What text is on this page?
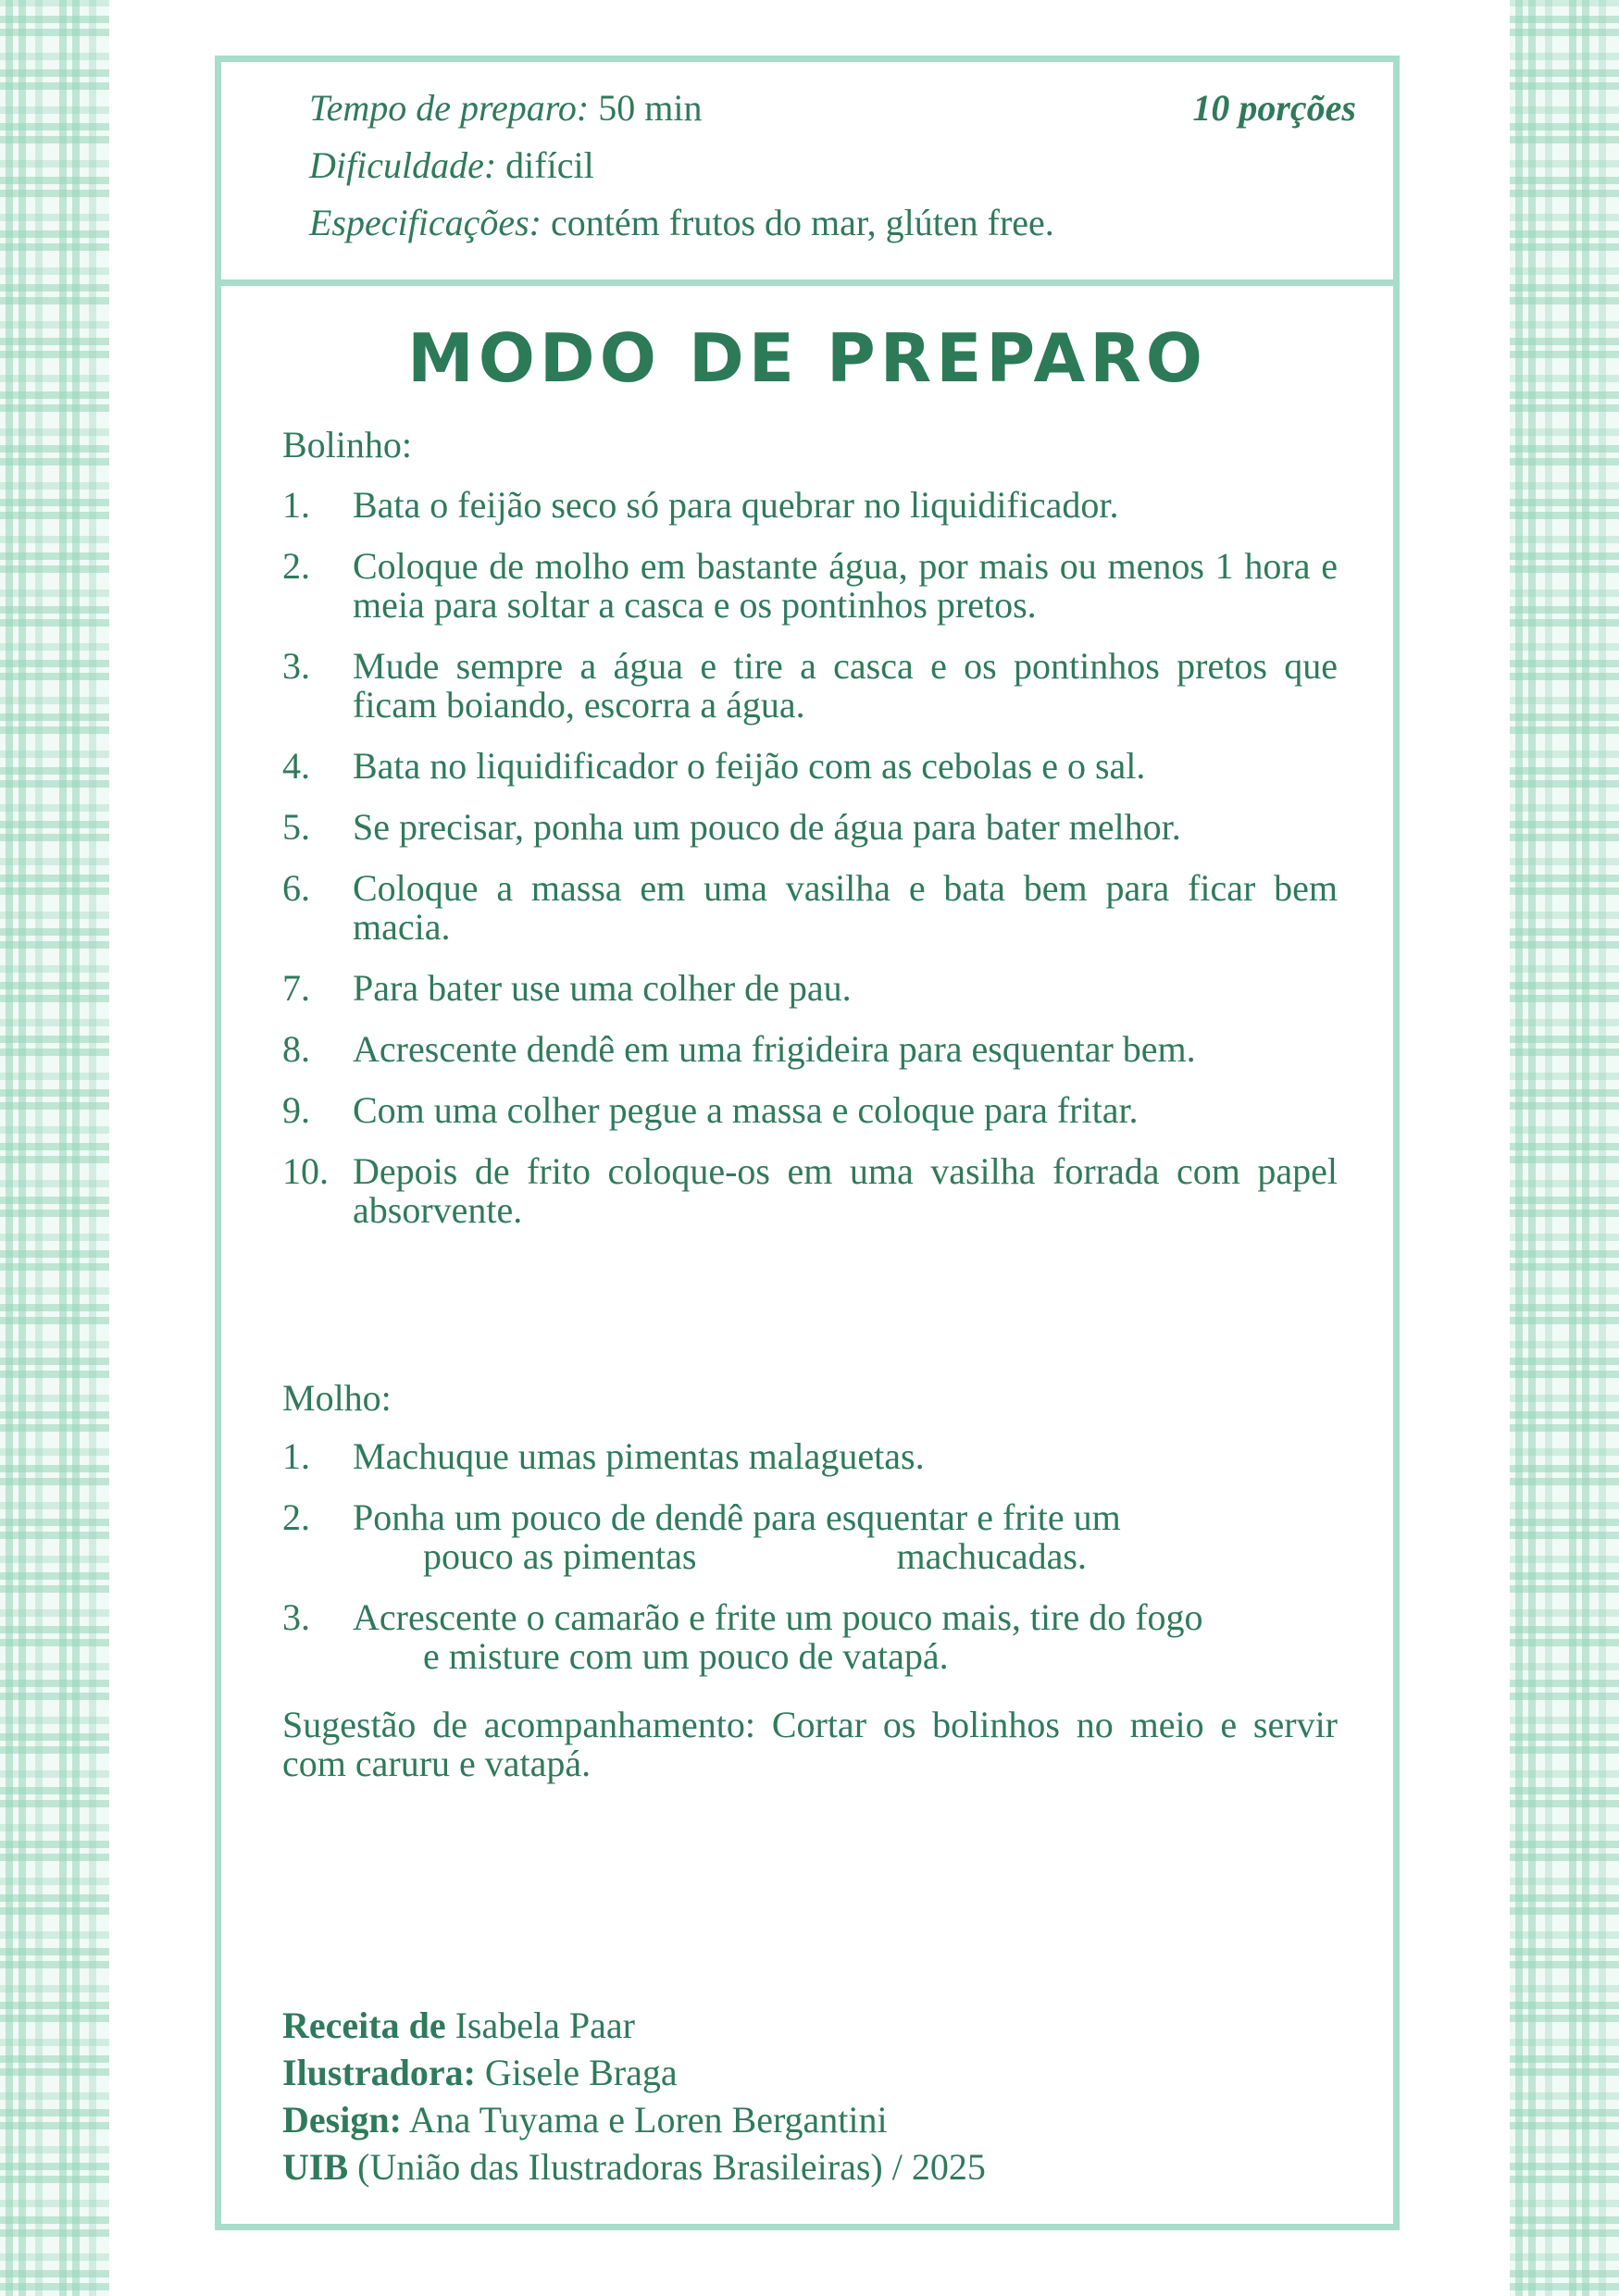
Tempo de preparo: 50 min
Dificuldade: difícil
Especificações: contém frutos do mar, glúten free.
10 porções
MODO DE PREPARO
Bolinho:
1. Bata o feijão seco só para quebrar no liquidificador.
2. Coloque de molho em bastante água, por mais ou menos 1 hora e meia para soltar a casca e os pontinhos pretos.
3. Mude sempre a água e tire a casca e os pontinhos pretos que ficam boiando, escorra a água.
4. Bata no liquidificador o feijão com as cebolas e o sal.
5. Se precisar, ponha um pouco de água para bater melhor.
6. Coloque a massa em uma vasilha e bata bem para ficar bem macia.
7. Para bater use uma colher de pau.
8. Acrescente dendê em uma frigideira para esquentar bem.
9. Com uma colher pegue a massa e coloque para fritar.
10. Depois de frito coloque-os em uma vasilha forrada com papel absorvente.
Molho:
1. Machuque umas pimentas malaguetas.
2. Ponha um pouco de dendê para esquentar e frite um
pouco as pimentas	machucadas.
3. Acrescente o camarão e frite um pouco mais, tire do fogo
e misture com um pouco de vatapá.
Sugestão de acompanhamento: Cortar os bolinhos no meio e servir com caruru e vatapá.
Receita de Isabela Paar
Ilustradora: Gisele Braga
Design: Ana Tuyama e Loren Bergantini
UIB (União das Ilustradoras Brasileiras) / 2025
